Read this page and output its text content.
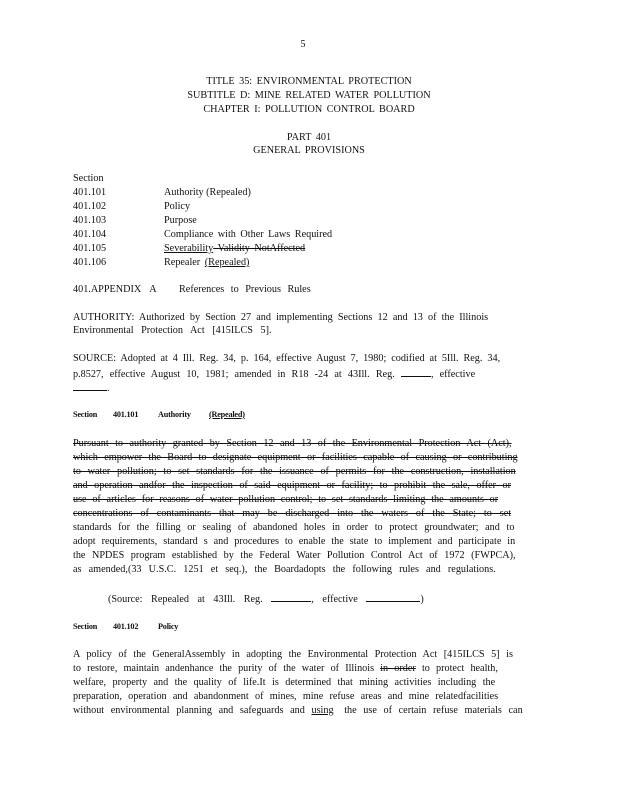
5
TITLE 35: ENVIRONMENTAL PROTECTION
SUBTITLE D: MINE RELATED WATER POLLUTION
CHAPTER I: POLLUTION CONTROL BOARD
PART 401
GENERAL PROVISIONS
Section
401.101	Authority (Repealed)
401.102	Policy
401.103	Purpose
401.104	Compliance with Other Laws Required
401.105	Severability Validity NotAffected
401.106	Repealer (Repealed)
401.APPENDIX A References to Previous Rules
AUTHORITY: Authorized by Section 27 and implementing Sections 12 and 13 of the Illinois
Environmental Protection Act [415ILCS 5].
SOURCE: Adopted at 4 Ill. Reg. 34, p. 164, effective August 7, 1980; codified at 5Ill. Reg. 34,
p.8527, effective August 10, 1981; amended in R18 -24 at 43Ill. Reg.	, effective
.
Section 401.101 Authority (Repealed)
Pursuant to authority granted by Section 12 and 13 of the Environmental Protection Act (Act),
which empower the Board to designate equipment or facilities capable of causing or contributing
to water pollution; to set standards for the issuance of permits for the construction, installation
and operation andfor the inspection of said equipment or facility; to prohibit the sale, offer or
use of articles for reasons of water pollution control; to set standards limiting the amounts or
concentrations of contaminants that may be discharged into the waters of the State; to set
standards for the filling or sealing of abandoned holes in order to protect groundwater; and to
adopt requirements, standard s and procedures to enable the state to implement and participate in
the NPDES program established by the Federal Water Pollution Control Act of 1972 (FWPCA),
as amended,(33 U.S.C. 1251 et seq.), the Boardadopts the following rules and regulations.
(Source: Repealed at 43Ill. Reg.	, effective	)
Section 401.102 Policy
A policy of the GeneralAssembly in adopting the Environmental Protection Act [415ILCS 5] is
to restore, maintain andenhance the purity of the water of Illinois in order to protect health,
welfare, property and the quality of life.It is determined that mining activities including the
preparation, operation and abandonment of mines, mine refuse areas and mine relatedfacilities
without environmental planning and safeguards and using the use of certain refuse materials can
